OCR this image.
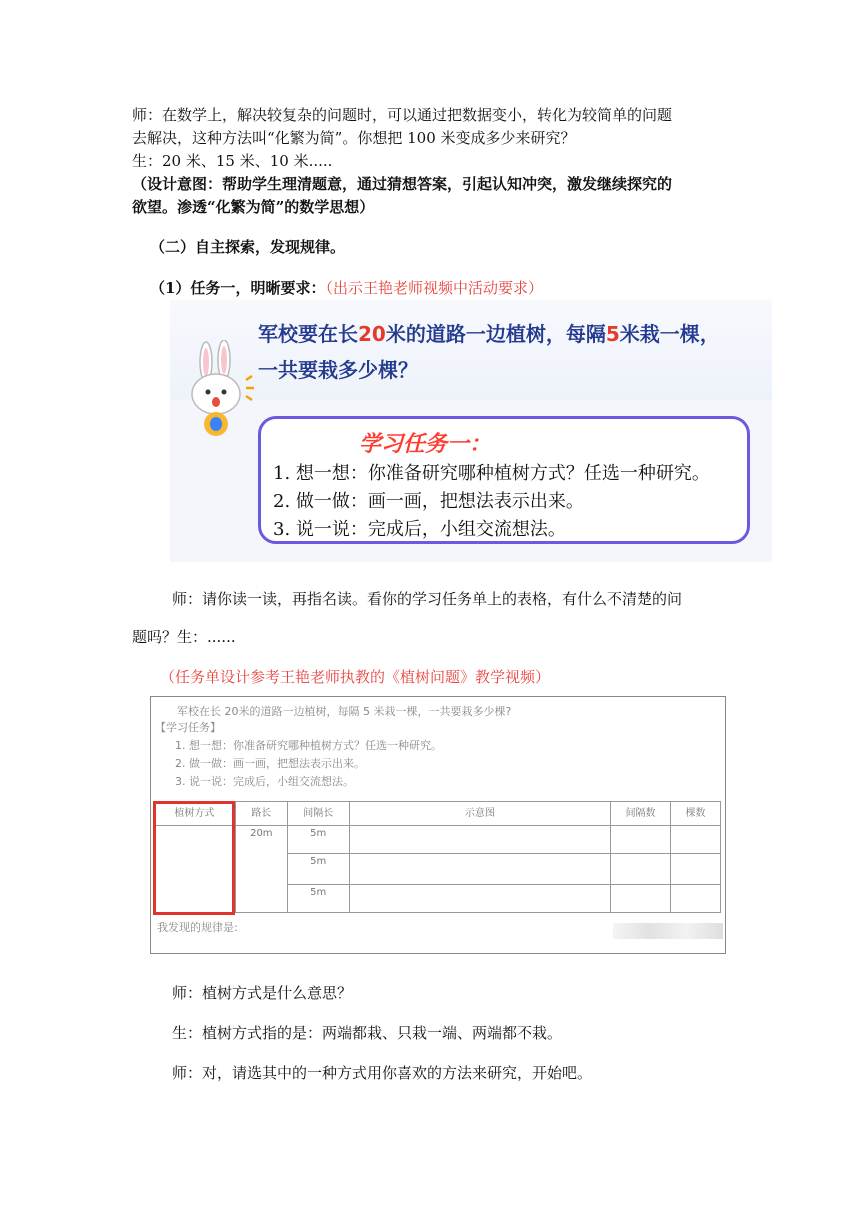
师：在数学上，解决较复杂的问题时，可以通过把数据变小，转化为较简单的问题
去解决，这种方法叫“化繁为简”。你想把 100 米变成多少来研究？
生：20 米、15 米、10 米.....
（设计意图：帮助学生理清题意，通过猜想答案，引起认知冲突，激发继续探究的
欲望。渗透“化繁为简”的数学思想）
（二）自主探索，发现规律。
（1）任务一，明晰要求：（出示王艳老师视频中活动要求）
军校要在长20米的道路一边植树，每隔5米栽一棵，
一共要栽多少棵？
学习任务一：
1. 想一想：你准备研究哪种植树方式？任选一种研究。
2. 做一做：画一画，把想法表示出来。
3. 说一说：完成后，小组交流想法。
师：请你读一读，再指名读。看你的学习任务单上的表格，有什么不清楚的问
题吗？生：......
（任务单设计参考王艳老师执教的《植树问题》教学视频）
军校在长 20米的道路一边植树，每隔 5 米栽一棵，一共要栽多少棵?
【学习任务】
1. 想一想：你准备研究哪种植树方式？任选一种研究。
2. 做一做：画一画，把想法表示出来。
3. 说一说：完成后，小组交流想法。
植树方式	路长	间隔长	示意图	间隔数	棵数
	20m	5m			
		5m			
		5m			
我发现的规律是:
师：植树方式是什么意思？
生：植树方式指的是：两端都栽、只栽一端、两端都不栽。
师：对，请选其中的一种方式用你喜欢的方法来研究，开始吧。
